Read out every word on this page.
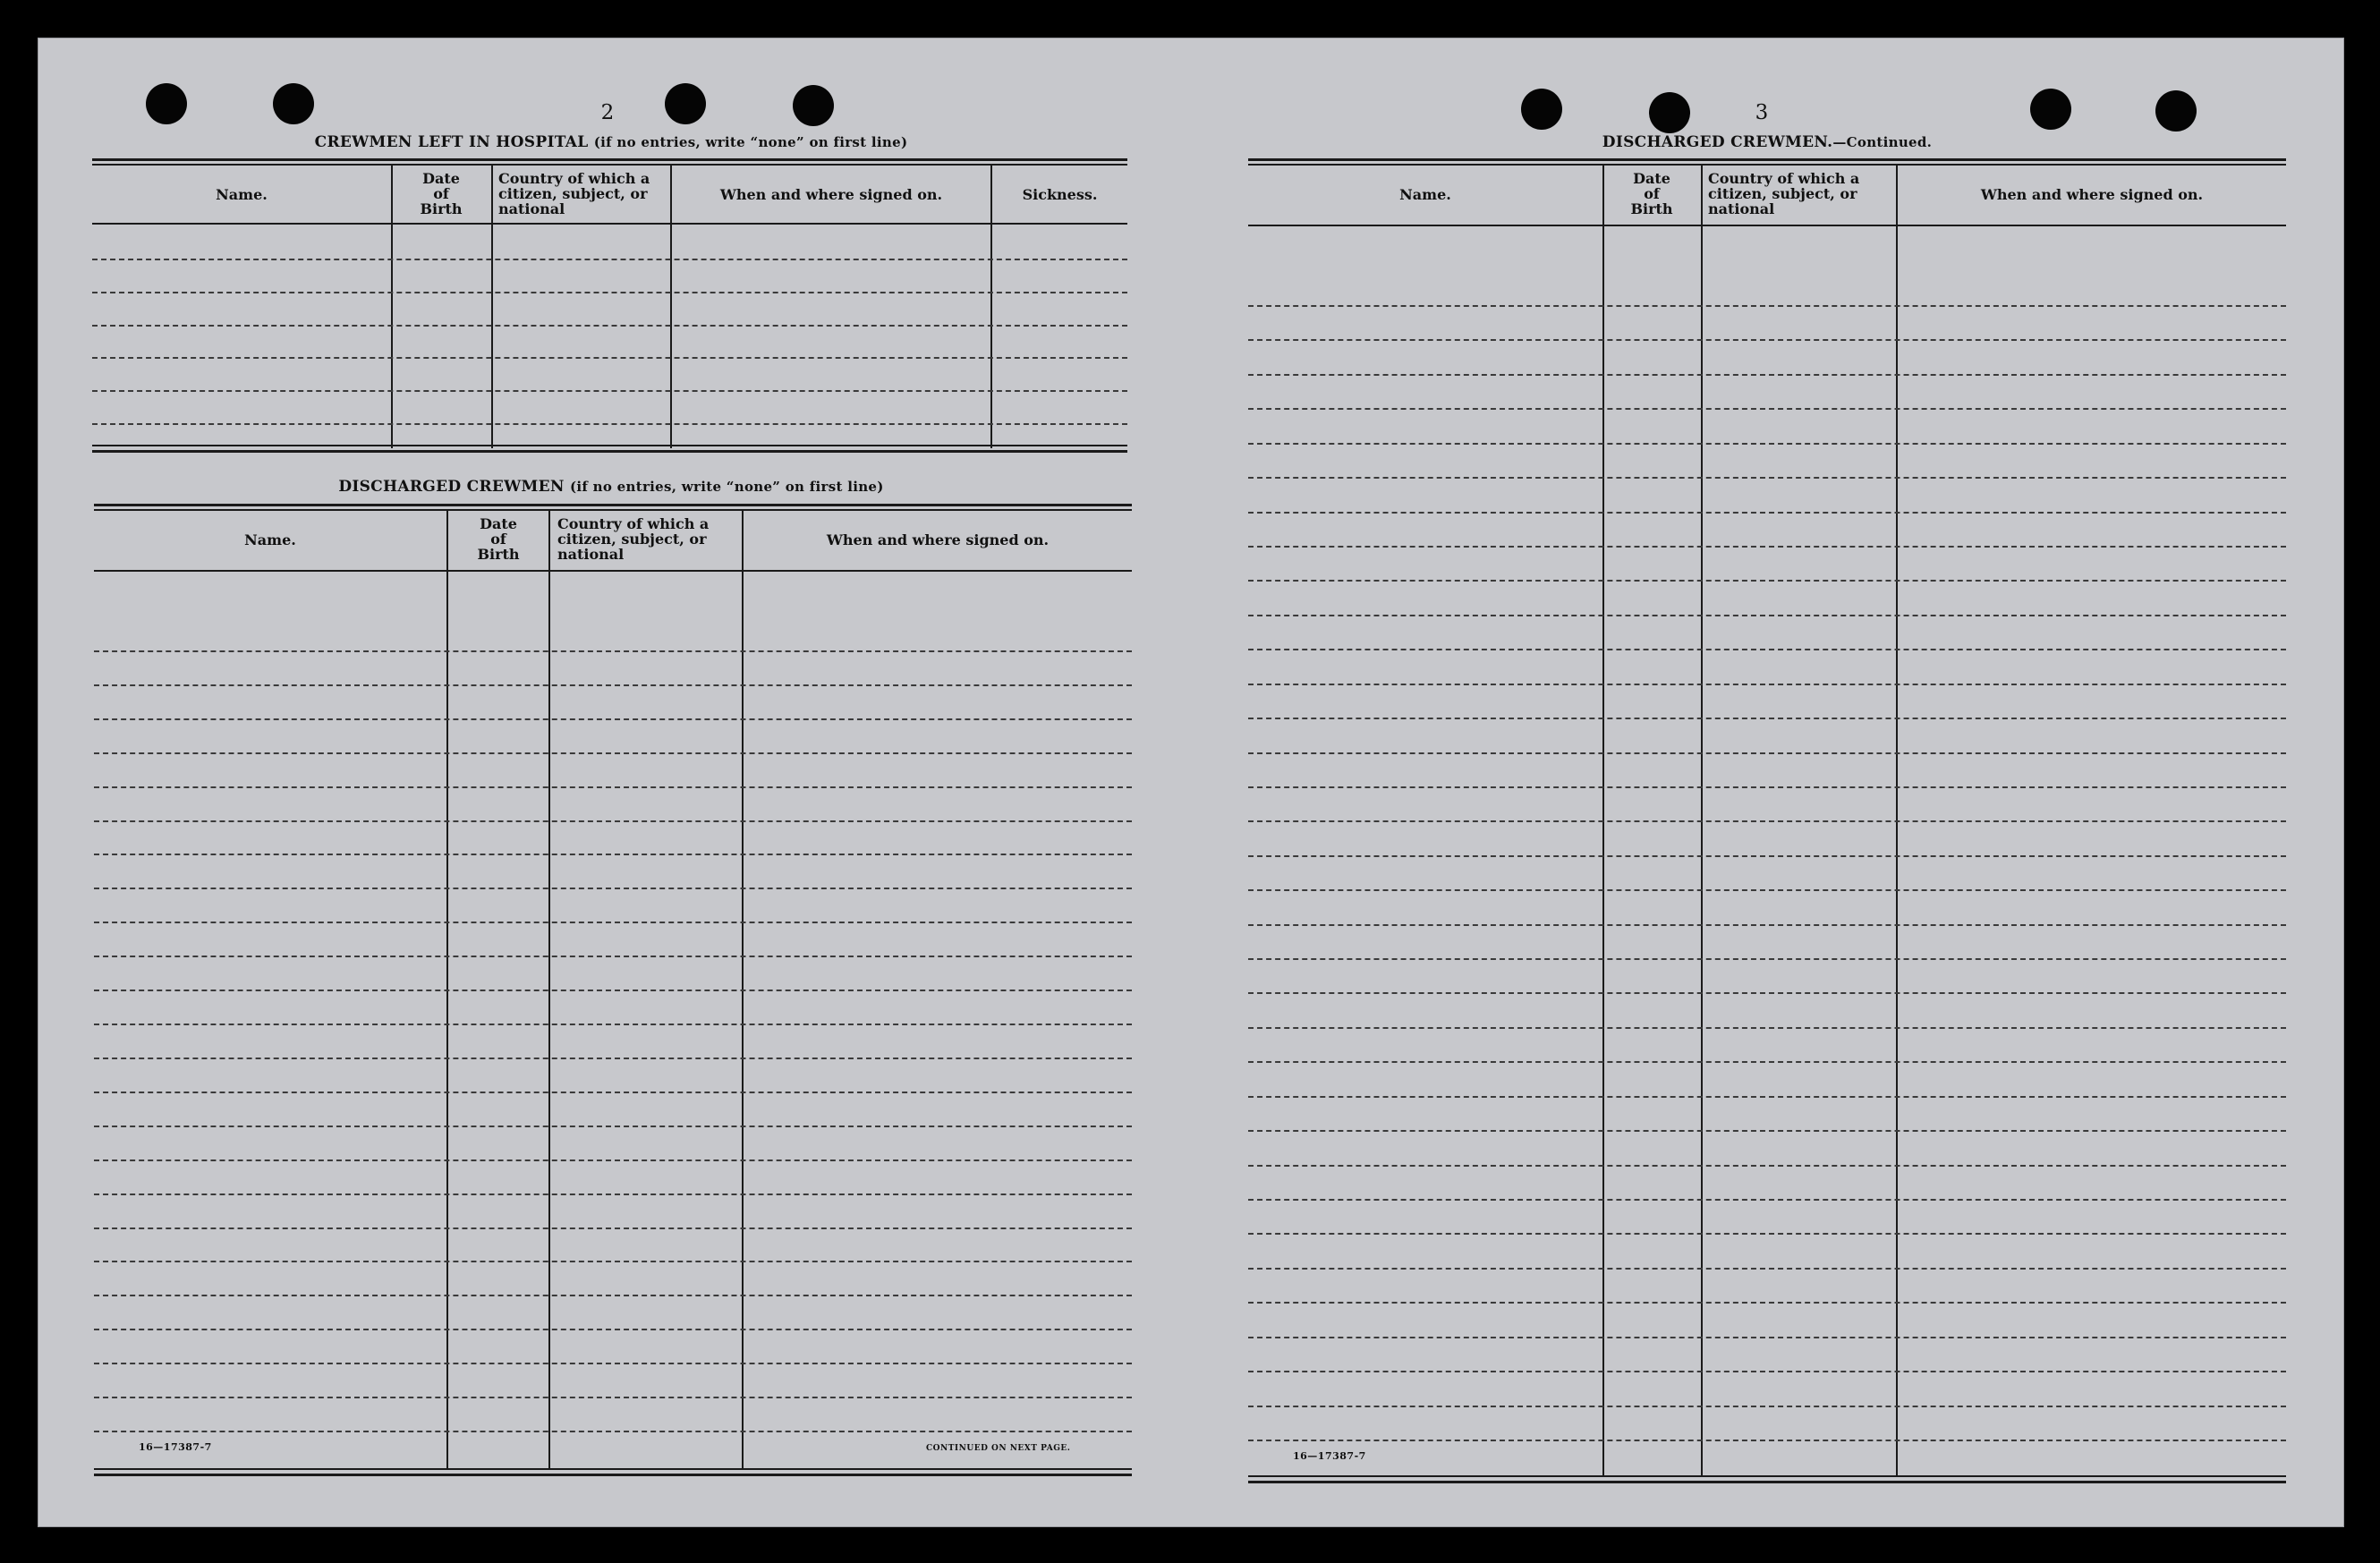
2
CREWMEN LEFT IN HOSPITAL (if no entries, write “none” on first line)
Name.
Date of Birth
Country of which a citizen, subject, or national
When and where signed on.	Sickness.
DISCHARGED CREWMEN (if no entries, write “none” on first line)
Name.
Date of Birth
Country of which a citizen, subject, or national
When and where signed on.
16—17387-7	CONTINUED ON NEXT PAGE.
3
DISCHARGED CREWMEN.—Continued.
Name.
Date of Birth
Country of which a citizen, subject, or national
When and where signed on.
16—17387-7
